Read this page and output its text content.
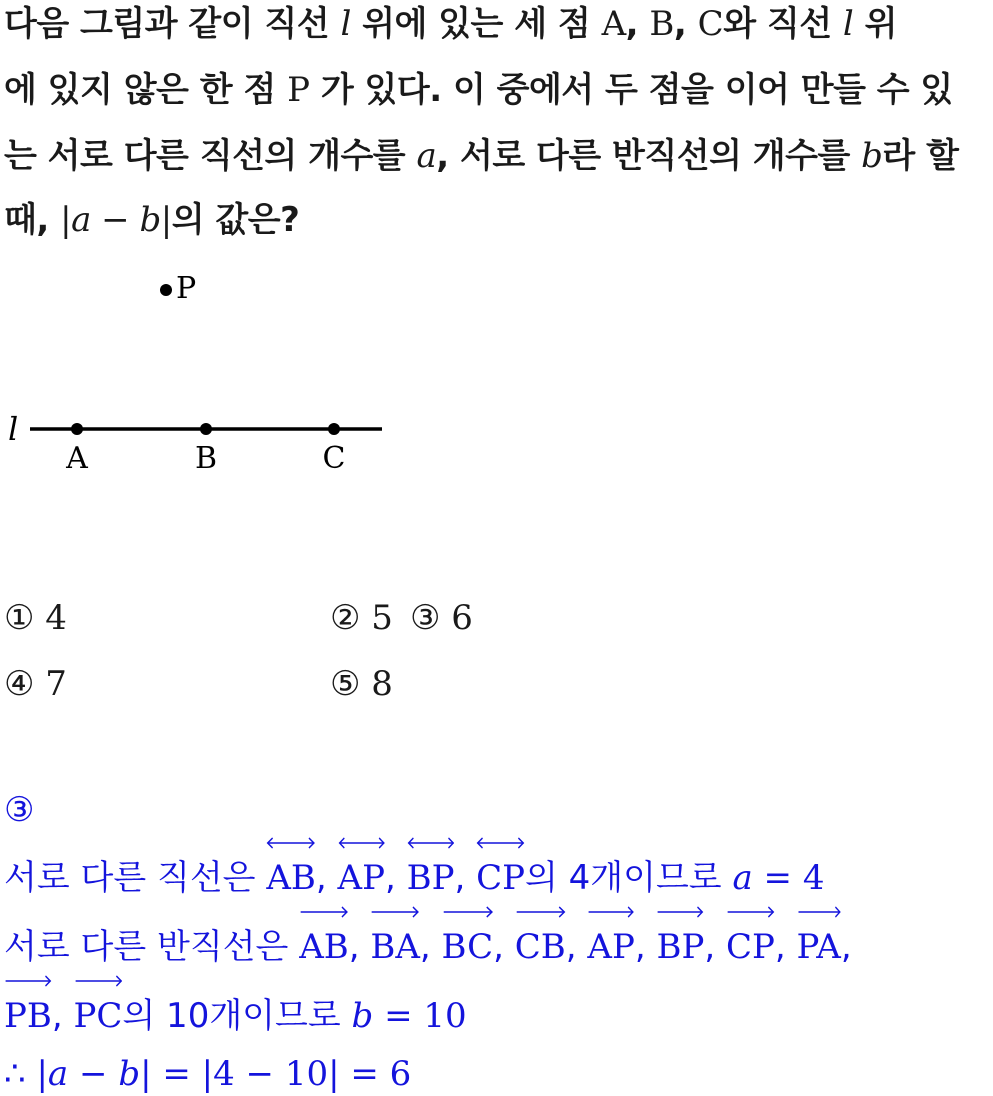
다음 그림과 같이 직선 l 위에 있는 세 점 A, B, C와 직선 l 위
에 있지 않은 한 점 P 가 있다. 이 중에서 두 점을 이어 만들 수 있
는 서로 다른 직선의 개수를 a, 서로 다른 반직선의 개수를 b라 할
때, |a − b|의 값은?
P
l
A	B	C
① 4	② 5 ③ 6
④ 7	⑤ 8
③
서로 다른 직선은
AB,
AP,
BP,
CP의 4개이므로 a = 4
서로 다른 반직선은
AB,
BA,
BC,
CB,
AP,
BP,
CP,
PA,
PB,
PC의 10개이므로 b = 10
∴ |a − b| = |4 − 10| = 6
